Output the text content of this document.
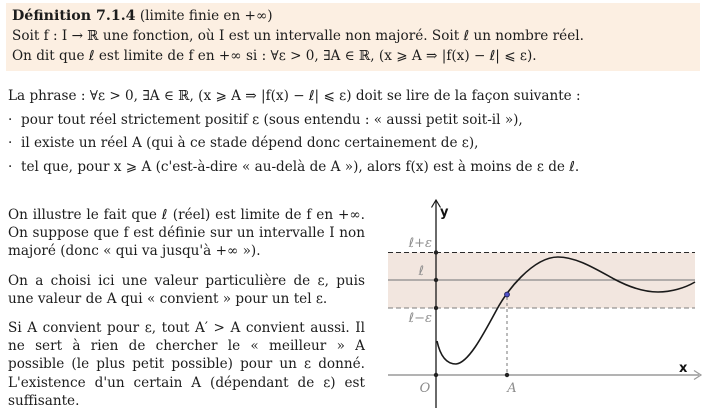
Définition 7.1.4 (limite finie en +∞)
Soit f : I → ℝ une fonction, où I est un intervalle non majoré. Soit ℓ un nombre réel.
On dit que ℓ est limite de f en +∞ si : ∀ε > 0, ∃A ∈ ℝ, (x ⩾ A ⇒ |f(x) − ℓ| ⩽ ε).
La phrase : ∀ε > 0, ∃A ∈ ℝ, (x ⩾ A ⇒ |f(x) − ℓ| ⩽ ε) doit se lire de la façon suivante :
· pour tout réel strictement positif ε (sous entendu : « aussi petit soit-il »),
· il existe un réel A (qui à ce stade dépend donc certainement de ε),
· tel que, pour x ⩾ A (c'est-à-dire « au-delà de A »), alors f(x) est à moins de ε de ℓ.

On illustre le fait que ℓ (réel) est limite de f en +∞. On suppose que f est définie sur un intervalle I non majoré (donc « qui va jusqu'à +∞ »).

On a choisi ici une valeur particulière de ε, puis une valeur de A qui « convient » pour un tel ε.

Si A convient pour ε, tout A′ > A convient aussi. Il ne sert à rien de chercher le « meilleur » A possible (le plus petit possible) pour un ε donné. L'existence d'un certain A (dépendant de ε) est suffisante.

ℓ+ε
ℓ
ℓ−ε
O	A
y
x
